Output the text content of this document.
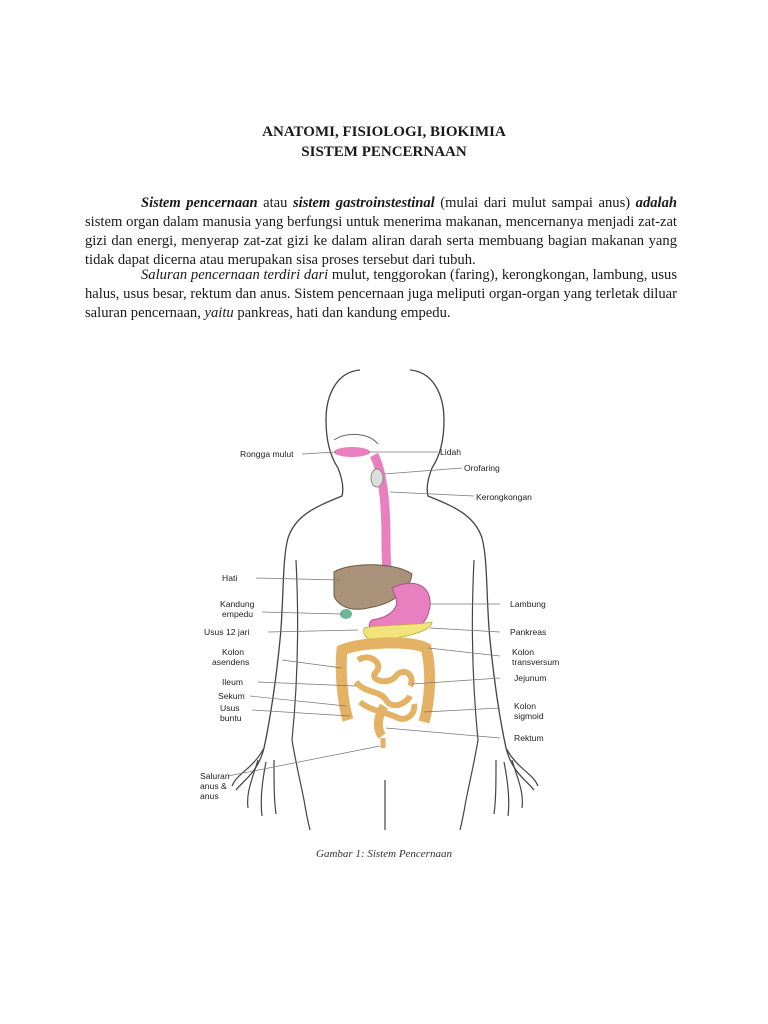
ANATOMI, FISIOLOGI, BIOKIMIA
SISTEM PENCERNAAN
Sistem pencernaan atau sistem gastroinstestinal (mulai dari mulut sampai anus) adalah sistem organ dalam manusia yang berfungsi untuk menerima makanan, mencernanya menjadi zat-zat gizi dan energi, menyerap zat-zat gizi ke dalam aliran darah serta membuang bagian makanan yang tidak dapat dicerna atau merupakan sisa proses tersebut dari tubuh.
Saluran pencernaan terdiri dari mulut, tenggorokan (faring), kerongkongan, lambung, usus halus, usus besar, rektum dan anus. Sistem pencernaan juga meliputi organ-organ yang terletak diluar saluran pencernaan, yaitu pankreas, hati dan kandung empedu.
Rongga mulut
Hati
Kandung
empedu
Usus 12 jari
Kolon
asendens
Ileum
Sekum
Usus
buntu
Saluran
anus &
anus
Lidah
Orofaring
Kerongkongan
Lambung
Pankreas
Kolon
transversum
Jejunum
Kolon
sigmoid
Rektum
Gambar 1: Sistem Pencernaan
